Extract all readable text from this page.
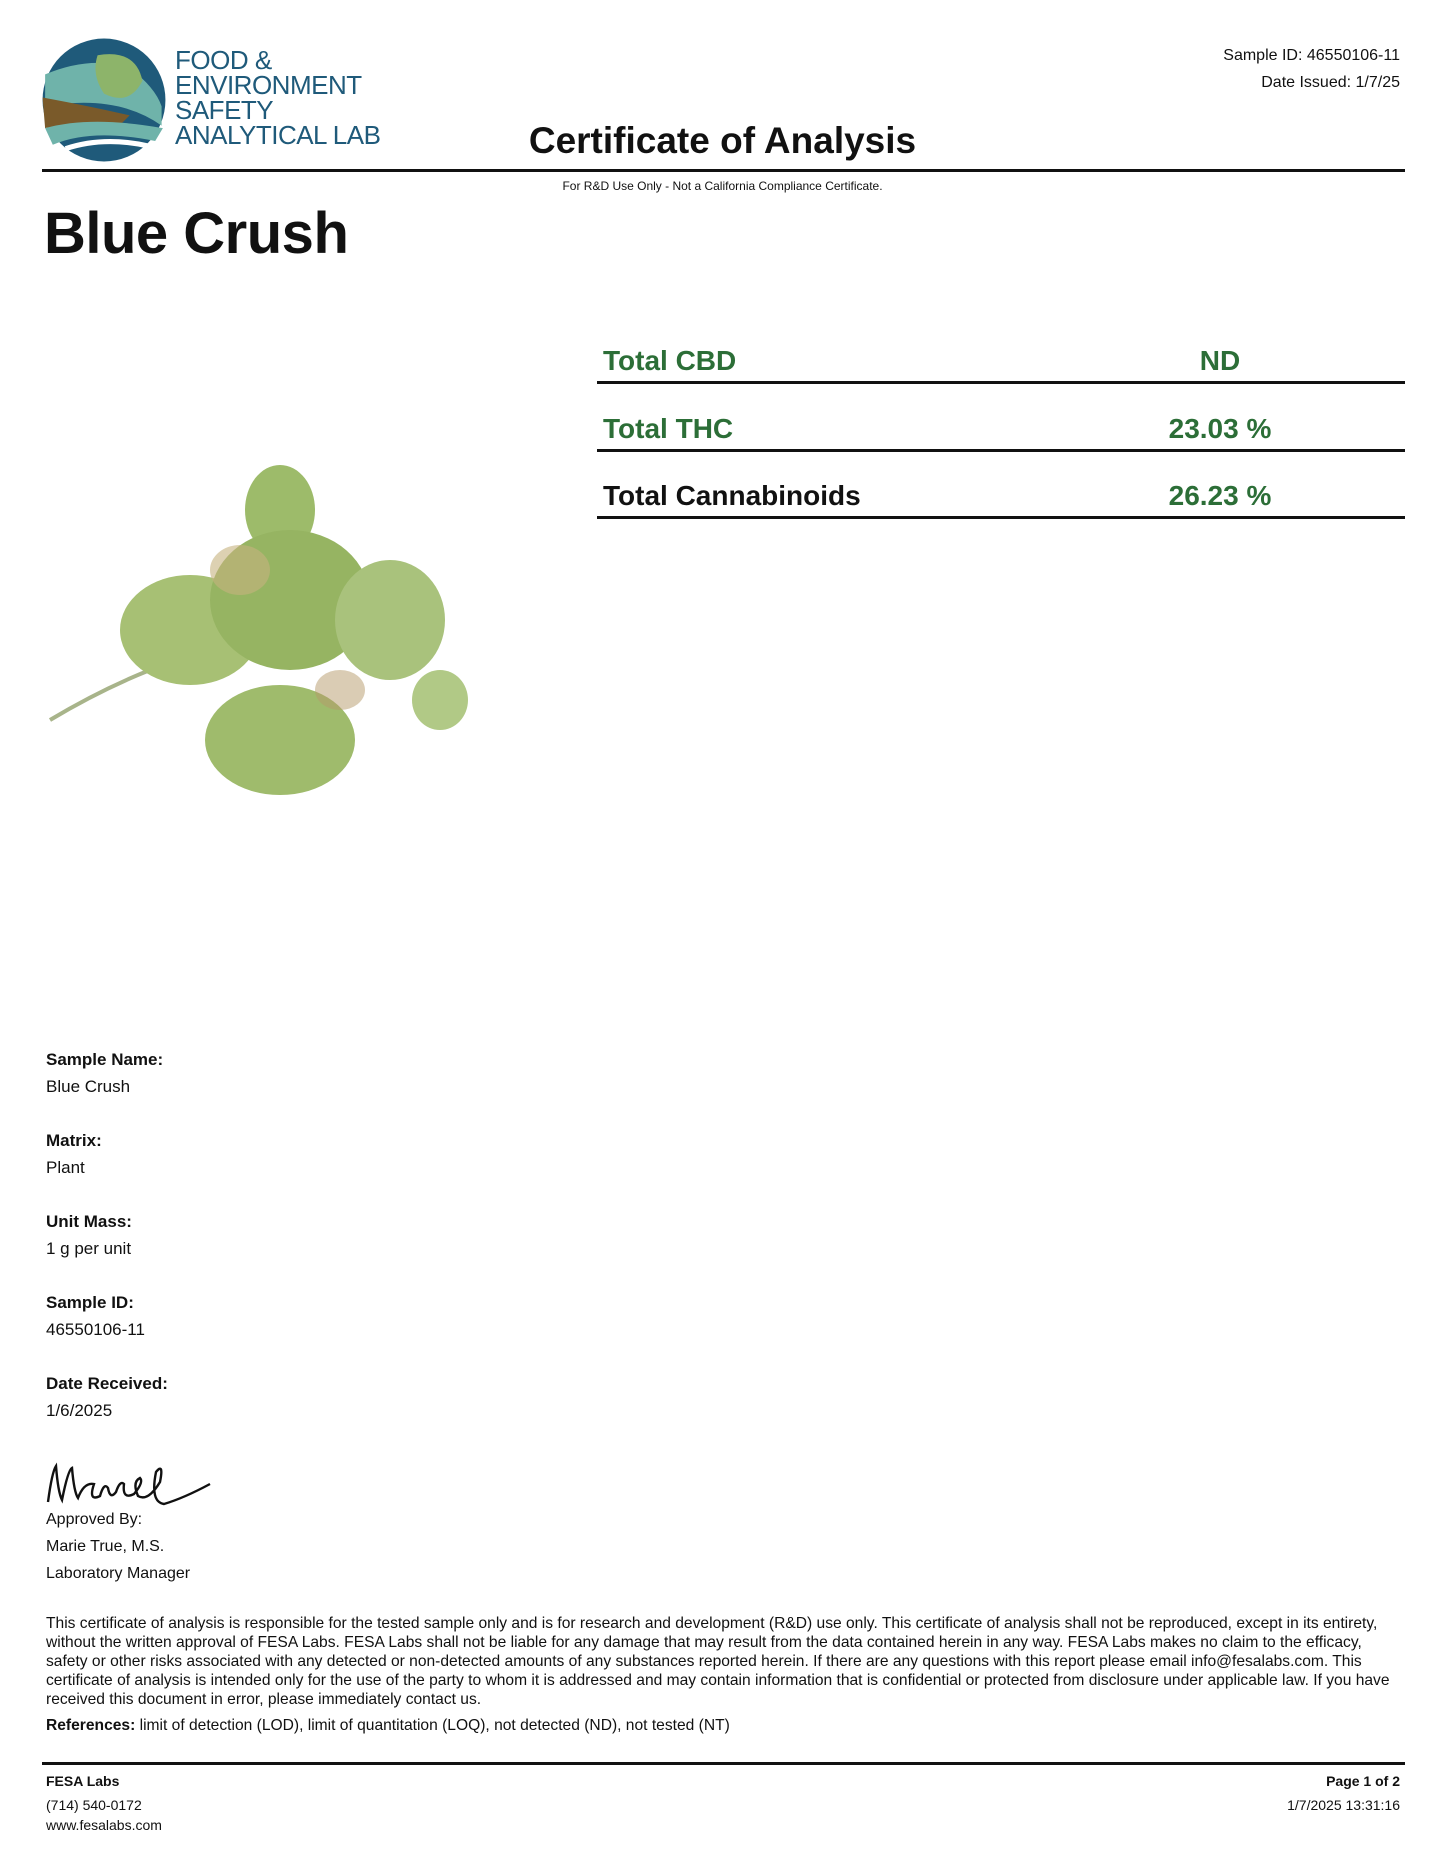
FOOD &
ENVIRONMENT
SAFETY
ANALYTICAL LAB
Sample ID: 46550106-11
Date Issued: 1/7/25
Certificate of Analysis
For R&D Use Only - Not a California Compliance Certificate.
Blue Crush
Total CBD	ND
Total THC	23.03 %
Total Cannabinoids	26.23 %
Sample Name:
Blue Crush
Matrix:
Plant
Unit Mass:
1 g per unit
Sample ID:
46550106-11
Date Received:
1/6/2025
Approved By:
Marie True, M.S.
Laboratory Manager
This certificate of analysis is responsible for the tested sample only and is for research and development (R&D) use only. This certificate of analysis shall not be reproduced, except in its entirety, without the written approval of FESA Labs. FESA Labs shall not be liable for any damage that may result from the data contained herein in any way. FESA Labs makes no claim to the efficacy, safety or other risks associated with any detected or non-detected amounts of any substances reported herein. If there are any questions with this report please email info@fesalabs.com. This certificate of analysis is intended only for the use of the party to whom it is addressed and may contain information that is confidential or protected from disclosure under applicable law. If you have received this document in error, please immediately contact us.
References: limit of detection (LOD), limit of quantitation (LOQ), not detected (ND), not tested (NT)
FESA Labs
(714) 540-0172
www.fesalabs.com
Page 1 of 2
1/7/2025 13:31:16
